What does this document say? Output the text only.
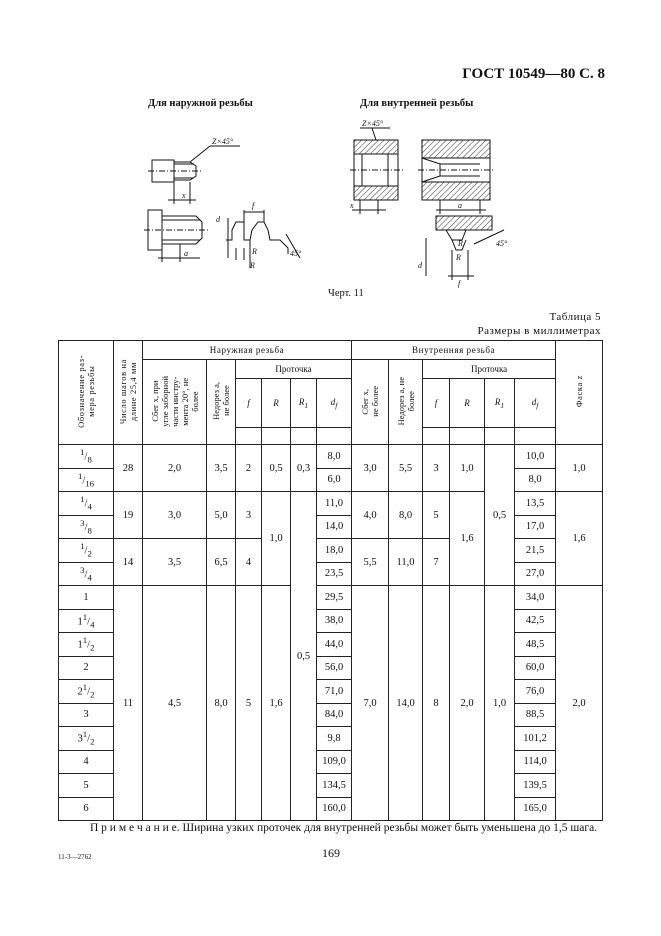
ГОСТ 10549—80 С. 8
Для наружной резьбы	Для внутренней резьбы
Z×45°
x
a
d
f
R
R
45°
Z×45°
x	a
d
R
R
f
45°
Черт. 11
Таблица 5
Размеры в миллиметрах
Обозначение раз-
мера резьбы	Число шагов на
длине 25,4 мм	Наружная резьба						Внутренняя резьба						Фаска z
		Сбег x, при
угле заборной
части инстру-
мента 20°, не
более	Недорез a,
не более	Проточка				Сбег x,
не более	Недорез a, не
более	Проточка				
				f	R	$R_1$	$d_f$			f	R	$R_1$	$d_f$

$^1/_8$	28	2,0	3,5	2	0,5	0,3	8,0	3,0	5,5	3	1,0	0,5	10,0	1,0
$^1/_{16}$							6,0						8,0	
$^1/_4$	19	3,0	5,0	3	1,0	0,5	11,0	4,0	8,0	5	1,6		13,5	1,6
$^3/_8$							14,0						17,0	
$^1/_2$	14	3,5	6,5	4			18,0	5,5	11,0	7			21,5	
$^3/_4$							23,5						27,0	
1	11	4,5	8,0	5	1,6		29,5	7,0	14,0	8	2,0	1,0	34,0	2,0
$1^1/_4$							38,0						42,5	
$1^1/_2$							44,0						48,5	
2							56,0						60,0	
$2^1/_2$							71,0						76,0	
3							84,0						88,5	
$3^1/_2$							9,8						101,2	
4							109,0						114,0	
5							134,5						139,5	
6							160,0						165,0	
П р и м е ч а н и е. Ширина узких проточек для внутренней резьбы может быть уменьшена до 1,5 шага.
11-3—2762	169
